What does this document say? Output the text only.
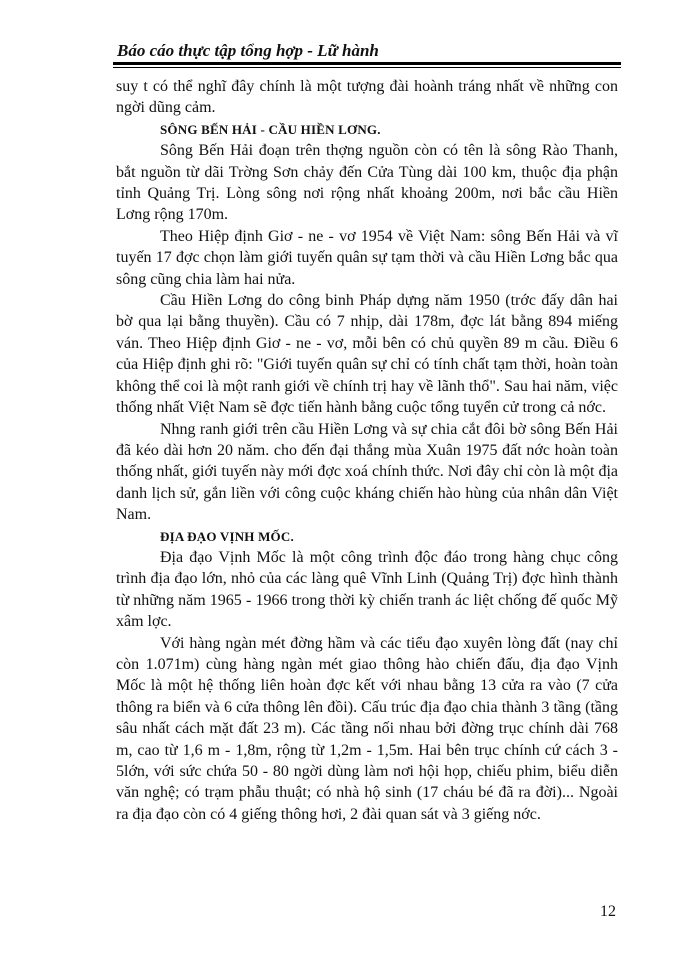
Báo cáo thực tập tổng hợp - Lữ hành

suy t có thể nghĩ đây chính là một tượng đài hoành tráng nhất về những con ngời dũng cảm.

SÔNG BẾN HẢI - CẦU HIỀN LƠNG.

Sông Bến Hải đoạn trên thợng nguồn còn có tên là sông Rào Thanh, bắt nguồn từ dãi Trờng Sơn chảy đến Cửa Tùng dài 100 km, thuộc địa phận tỉnh Quảng Trị. Lòng sông nơi rộng nhất khoảng 200m, nơi bắc cầu Hiền Lơng rộng 170m.

Theo Hiệp định Giơ - ne - vơ 1954 về Việt Nam: sông Bến Hải và vĩ tuyến 17 đợc chọn làm giới tuyến quân sự tạm thời và cầu Hiền Lơng bắc qua sông cũng chia làm hai nửa.

Cầu Hiền Lơng do công binh Pháp dựng năm 1950 (trớc đấy dân hai bờ qua lại bằng thuyền). Cầu có 7 nhịp, dài 178m, đợc lát bằng 894 miếng ván. Theo Hiệp định Giơ - ne - vơ, mỗi bên có chủ quyền 89 m cầu. Điều 6 của Hiệp định ghi rõ: "Giới tuyến quân sự chỉ có tính chất tạm thời, hoàn toàn không thể coi là một ranh giới về chính trị hay về lãnh thổ". Sau hai năm, việc thống nhất Việt Nam sẽ đợc tiến hành bằng cuộc tổng tuyển cử trong cả nớc.

Nhng ranh giới trên cầu Hiền Lơng và sự chia cắt đôi bờ sông Bến Hải đã kéo dài hơn 20 năm. cho đến đại thắng mùa Xuân 1975 đất nớc hoàn toàn thống nhất, giới tuyến này mới đợc xoá chính thức. Nơi đây chỉ còn là một địa danh lịch sử, gắn liền với công cuộc kháng chiến hào hùng của nhân dân Việt Nam.

ĐỊA ĐẠO VỊNH MỐC.

Địa đạo Vịnh Mốc là một công trình độc đáo trong hàng chục công trình địa đạo lớn, nhỏ của các làng quê Vĩnh Linh (Quảng Trị) đợc hình thành từ những năm 1965 - 1966 trong thời kỳ chiến tranh ác liệt chống đế quốc Mỹ xâm lợc.

Với hàng ngàn mét đờng hầm và các tiểu đạo xuyên lòng đất (nay chỉ còn 1.071m) cùng hàng ngàn mét giao thông hào chiến đấu, địa đạo Vịnh Mốc là một hệ thống liên hoàn đợc kết với nhau bằng 13 cửa ra vào (7 cửa thông ra biển và 6 cửa thông lên đồi). Cấu trúc địa đạo chia thành 3 tầng (tầng sâu nhất cách mặt đất 23 m). Các tầng nối nhau bởi đờng trục chính dài 768 m, cao từ 1,6 m - 1,8m, rộng từ 1,2m - 1,5m. Hai bên trục chính cứ cách 3 - 5lớn, với sức chứa 50 - 80 ngời dùng làm nơi hội họp, chiếu phim, biểu diễn văn nghệ; có trạm phẫu thuật; có nhà hộ sinh (17 cháu bé đã ra đời)... Ngoài ra địa đạo còn có 4 giếng thông hơi, 2 đài quan sát và 3 giếng nớc.

12
